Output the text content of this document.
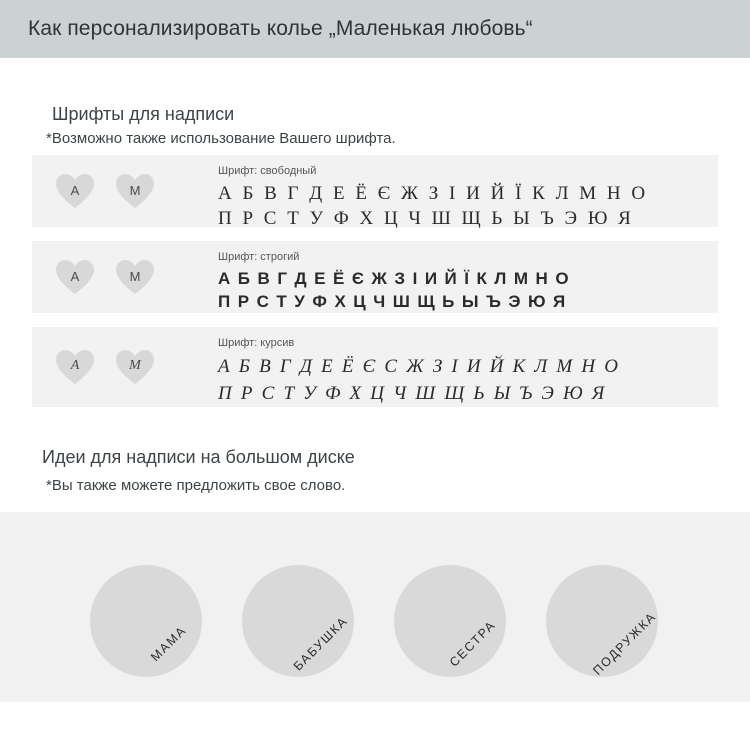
Как персонализировать колье „Маленькая любовь“
Шрифты для надписи
*Возможно также использование Вашего шрифта.
A	M
Шрифт: свободный
А Б В Г Д Е Ё Є Ж З І И Й Ї К Л М Н О
П Р С Т У Ф Х Ц Ч Ш Щ Ь Ы Ъ Э Ю Я
A	M
Шрифт: строгий
А Б В Г Д Е Ё Є Ж З І И Й Ї К Л М Н О
П Р С Т У Ф Х Ц Ч Ш Щ Ь Ы Ъ Э Ю Я
A	M
Шрифт: курсив
А Б В Г Д Е Ё Є С Ж З І И Й К Л М Н О
П Р С Т У Ф Х Ц Ч Ш Щ Ь Ы Ъ Э Ю Я
Идеи для надписи на большом диске
*Вы также можете предложить свое слово.
МАМА	БАБУШКА	СЕСТРА	ПОДРУЖКА
